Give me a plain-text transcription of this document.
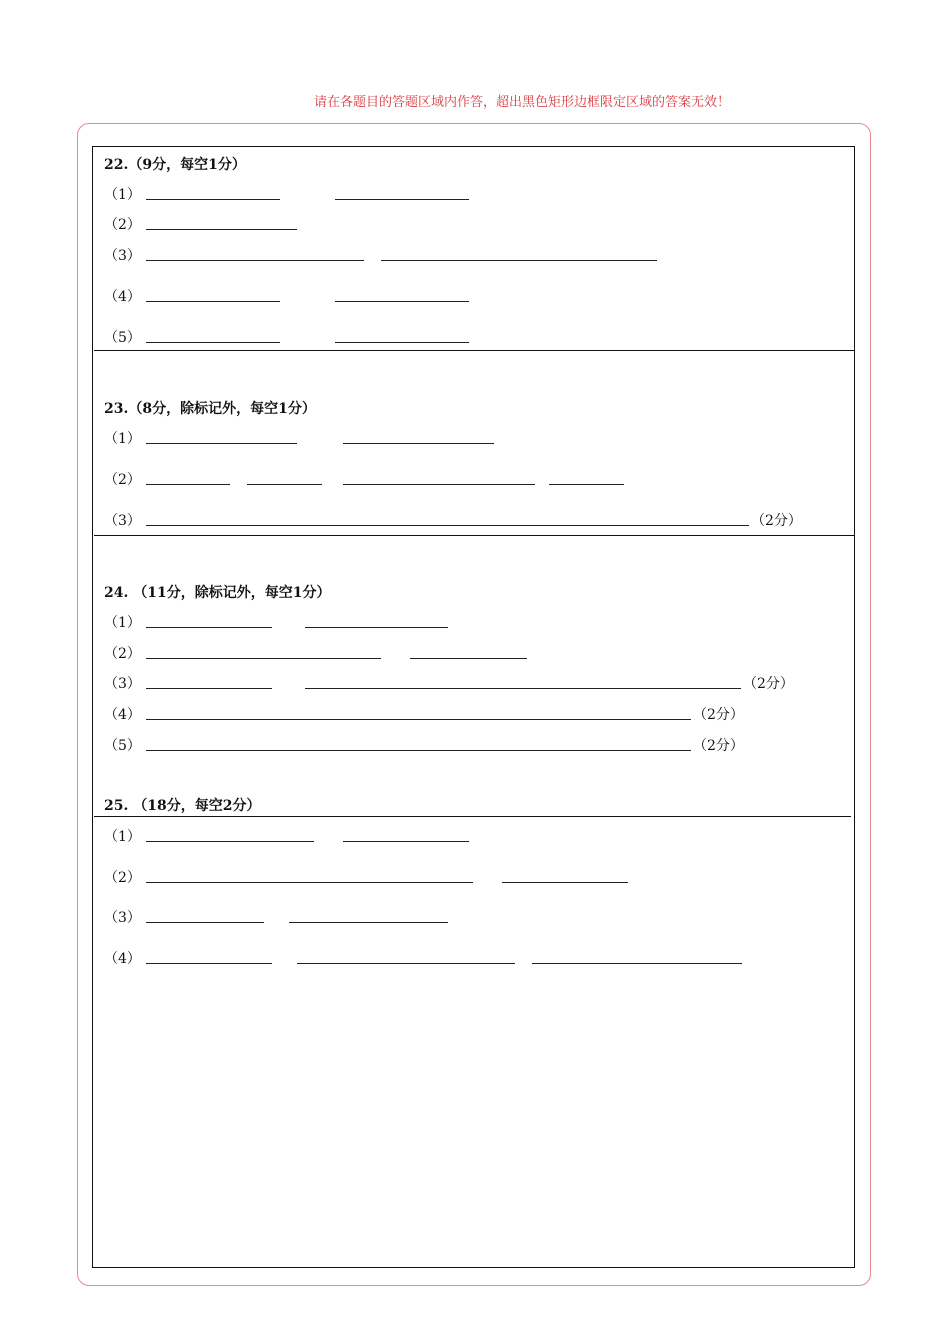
请在各题目的答题区域内作答，超出黑色矩形边框限定区域的答案无效！
22.（9分，每空1分）
（1）
（2）
（3）
（4）
（5）
23.（8分，除标记外，每空1分）
（1）
（2）
（3）	（2分）
24. （11分，除标记外，每空1分）
（1）
（2）
（3）	（2分）
（4）	（2分）
（5）	（2分）
25. （18分，每空2分）
（1）
（2）
（3）
（4）
